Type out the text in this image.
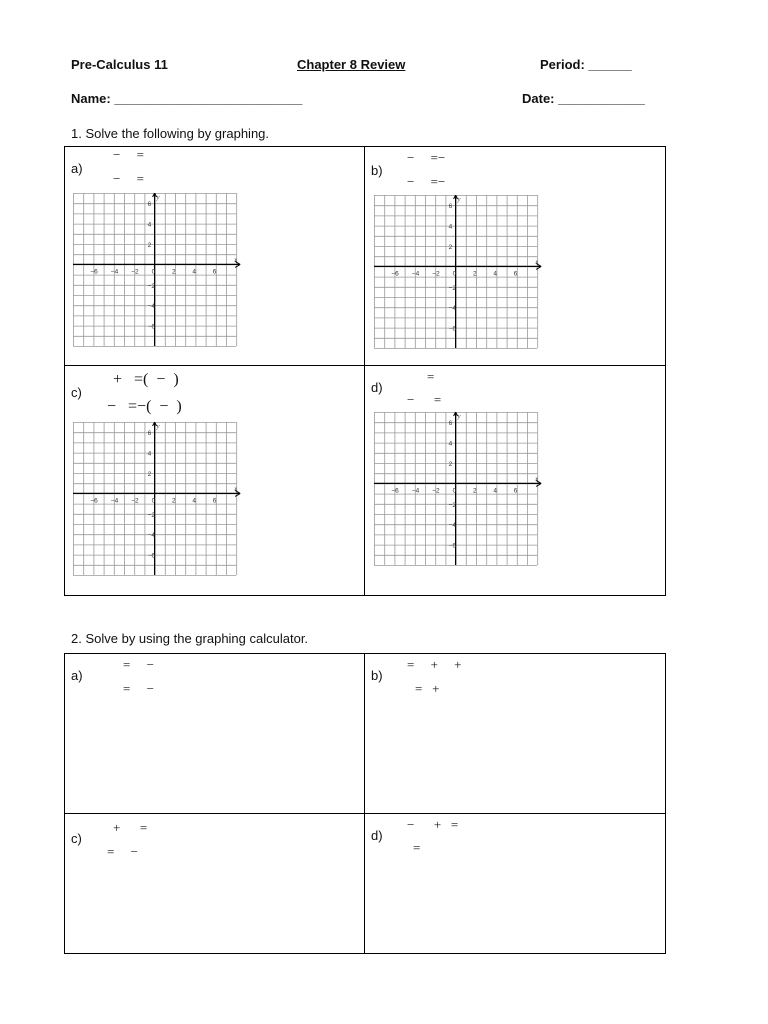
Pre-Calculus 11	Chapter 8 Review	Period: ______
Name: __________________________	Date: ____________
1. Solve the following by graphing.
a)
−     =
−     =
−6 −4 −2 0	2	4	6
6
4
2
−2
−4
−6
y
x
b)
−     =−
−     =−
−6 −4 −2 0	2	4	6
6
4
2
−2
−4
−6
y
x
c)
+   =(  −  )
−   =−(  −  )
−6 −4 −2 0	2	4	6
6
4
2
−2
−4
−6
y
x
d)
=
−      =
−6 −4 −2 0	2	4	6
6
4
2
−2
−4
−6
y
x
2. Solve by using the graphing calculator.
a)
=     −
=     −
b)
=     +     +
=   +
c)
+      =
=     −
d)
−      +   =
=
